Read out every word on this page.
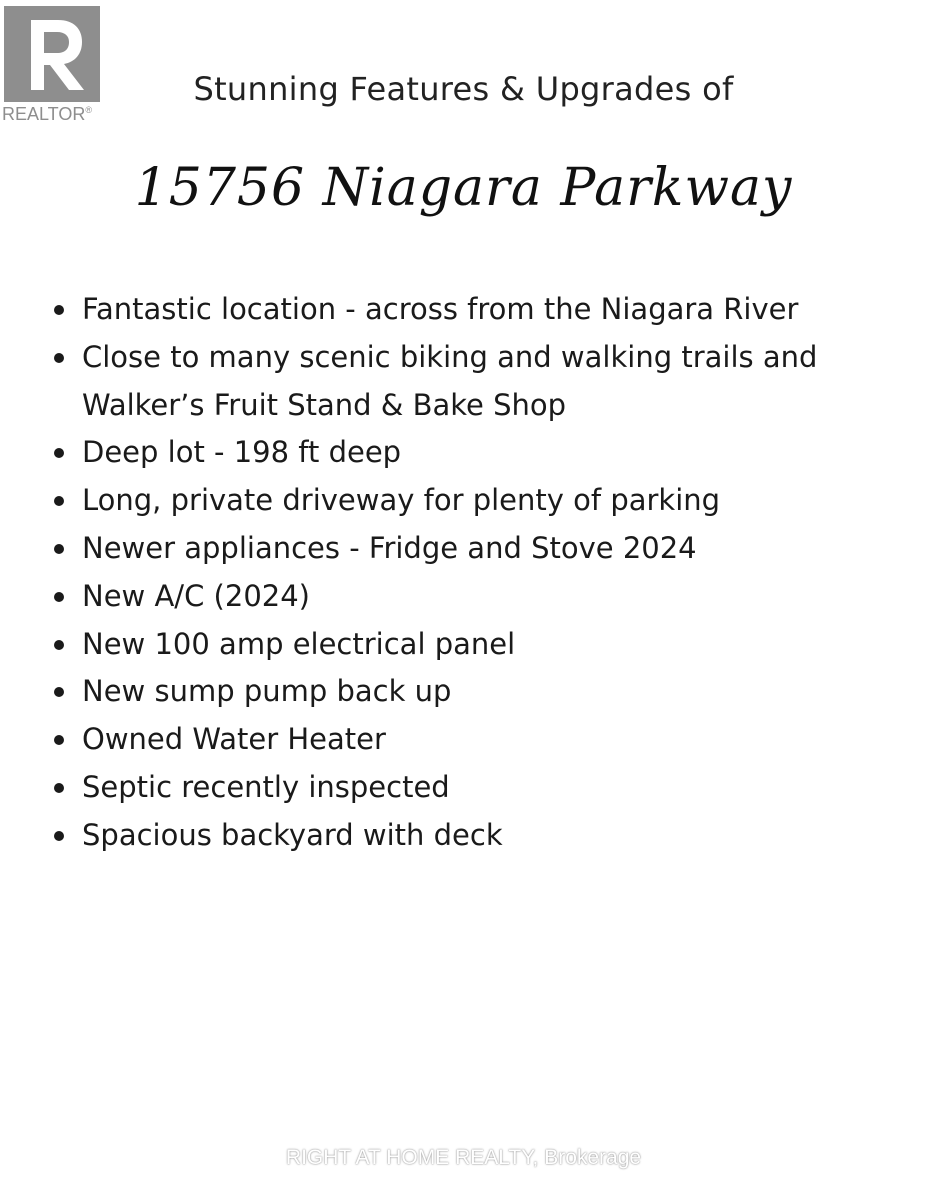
REALTOR®
Stunning Features & Upgrades of
15756 Niagara Parkway
Fantastic location - across from the Niagara River
Close to many scenic biking and walking trails and Walker’s Fruit Stand & Bake Shop
Deep lot - 198 ft deep
Long, private driveway for plenty of parking
Newer appliances - Fridge and Stove 2024
New A/C (2024)
New 100 amp electrical panel
New sump pump back up
Owned Water Heater
Septic recently inspected
Spacious backyard with deck
RIGHT AT HOME REALTY, Brokerage
